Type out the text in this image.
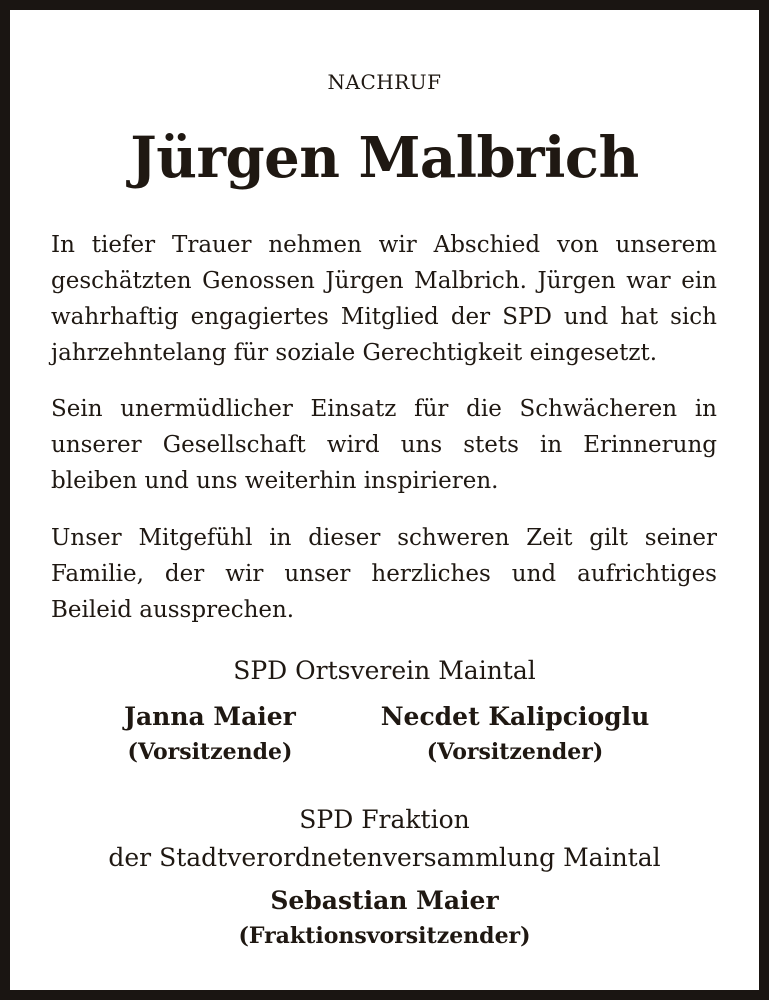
NACHRUF
Jürgen Malbrich

In tiefer Trauer nehmen wir Abschied von unserem geschätzten Genossen Jürgen Malbrich. Jürgen war ein wahrhaftig engagiertes Mitglied der SPD und hat sich jahrzehntelang für soziale Gerechtigkeit eingesetzt.

Sein unermüdlicher Einsatz für die Schwächeren in unserer Gesellschaft wird uns stets in Erinnerung bleiben und uns weiterhin inspirieren.

Unser Mitgefühl in dieser schweren Zeit gilt seiner Familie, der wir unser herzliches und aufrichtiges Beileid aussprechen.

SPD Ortsverein Maintal
Janna Maier
(Vorsitzende)
Necdet Kalipcioglu
(Vorsitzender)
SPD Fraktion
der Stadtverordnetenversammlung Maintal
Sebastian Maier
(Fraktionsvorsitzender)
